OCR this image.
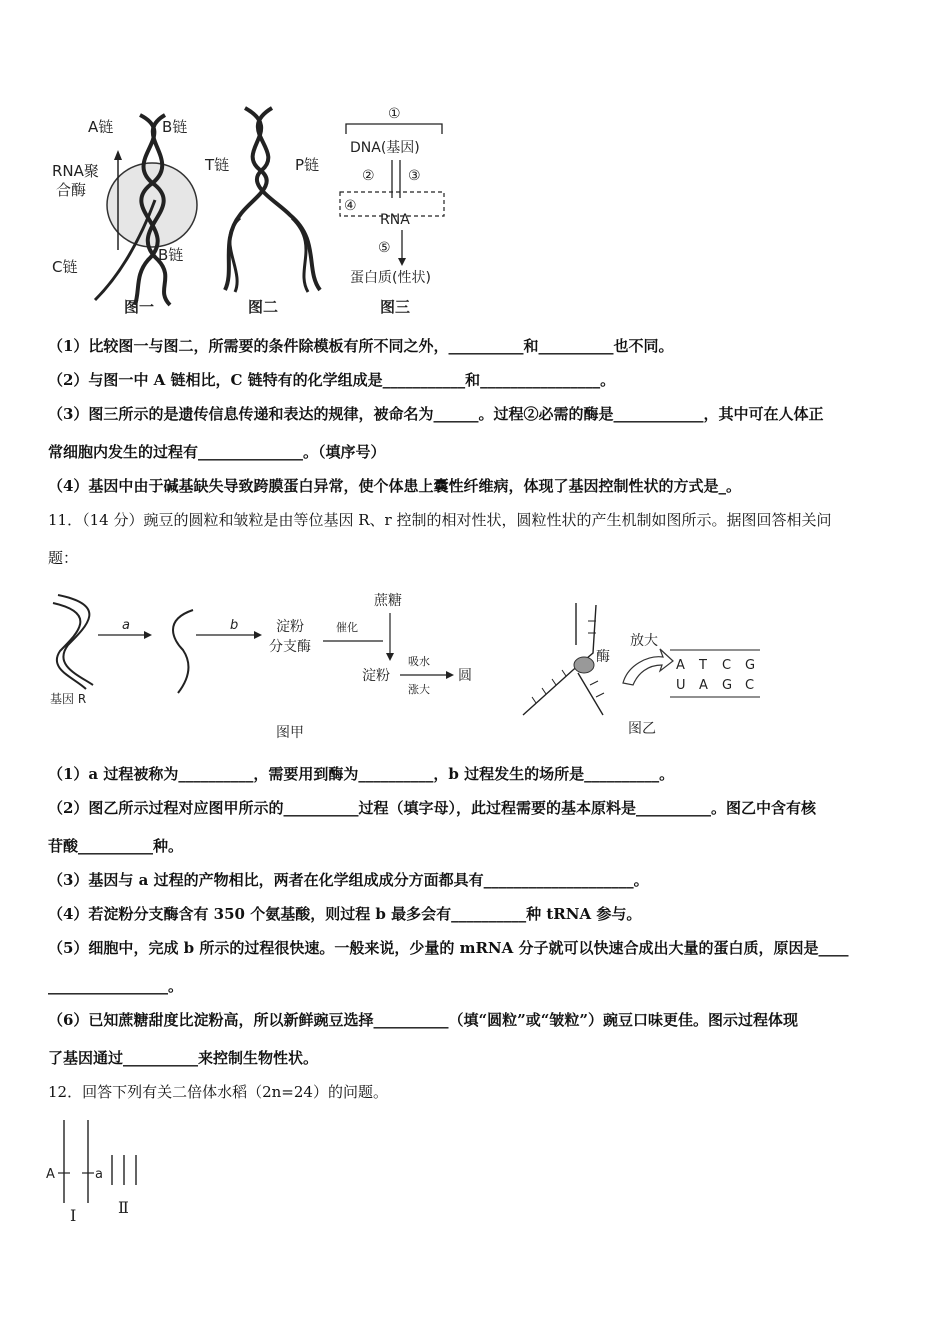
A链	B链
RNA聚
合酶
C链
B链
图一
T链	P链
图二
①
DNA(基因)
② ③
④
RNA
⑤
蛋白质(性状)
图三
（1）比较图一与图二，所需要的条件除模板有所不同之外，__________和__________也不同。
（2）与图一中 A 链相比，C 链特有的化学组成是___________和________________。
（3）图三所示的是遗传信息传递和表达的规律，被命名为______。过程②必需的酶是____________，其中可在人体正
常细胞内发生的过程有______________。（填序号）
（4）基因中由于碱基缺失导致跨膜蛋白异常，使个体患上囊性纤维病，体现了基因控制性状的方式是_。
11．（14 分）豌豆的圆粒和皱粒是由等位基因 R、r 控制的相对性状，圆粒性状的产生机制如图所示。据图回答相关问
题：
基因 R
a	b	淀粉
分支酶
催化
蔗糖
淀粉
吸水
涨大
圆
图甲
酶
放大
A T C G
U A G C
图乙
（1）a 过程被称为__________，需要用到酶为__________，b 过程发生的场所是__________。
（2）图乙所示过程对应图甲所示的__________过程（填字母），此过程需要的基本原料是__________。图乙中含有核
苷酸__________种。
（3）基因与 a 过程的产物相比，两者在化学组成成分方面都具有____________________。
（4）若淀粉分支酶含有 350 个氨基酸，则过程 b 最多会有__________种 tRNA 参与。
（5）细胞中，完成 b 所示的过程很快速。一般来说，少量的 mRNA 分子就可以快速合成出大量的蛋白质，原因是____
________________。
（6）已知蔗糖甜度比淀粉高，所以新鲜豌豆选择__________（填“圆粒”或“皱粒”）豌豆口味更佳。图示过程体现
了基因通过__________来控制生物性状。
12．回答下列有关二倍体水稻（2n=24）的问题。
A	a
Ⅰ	Ⅱ
